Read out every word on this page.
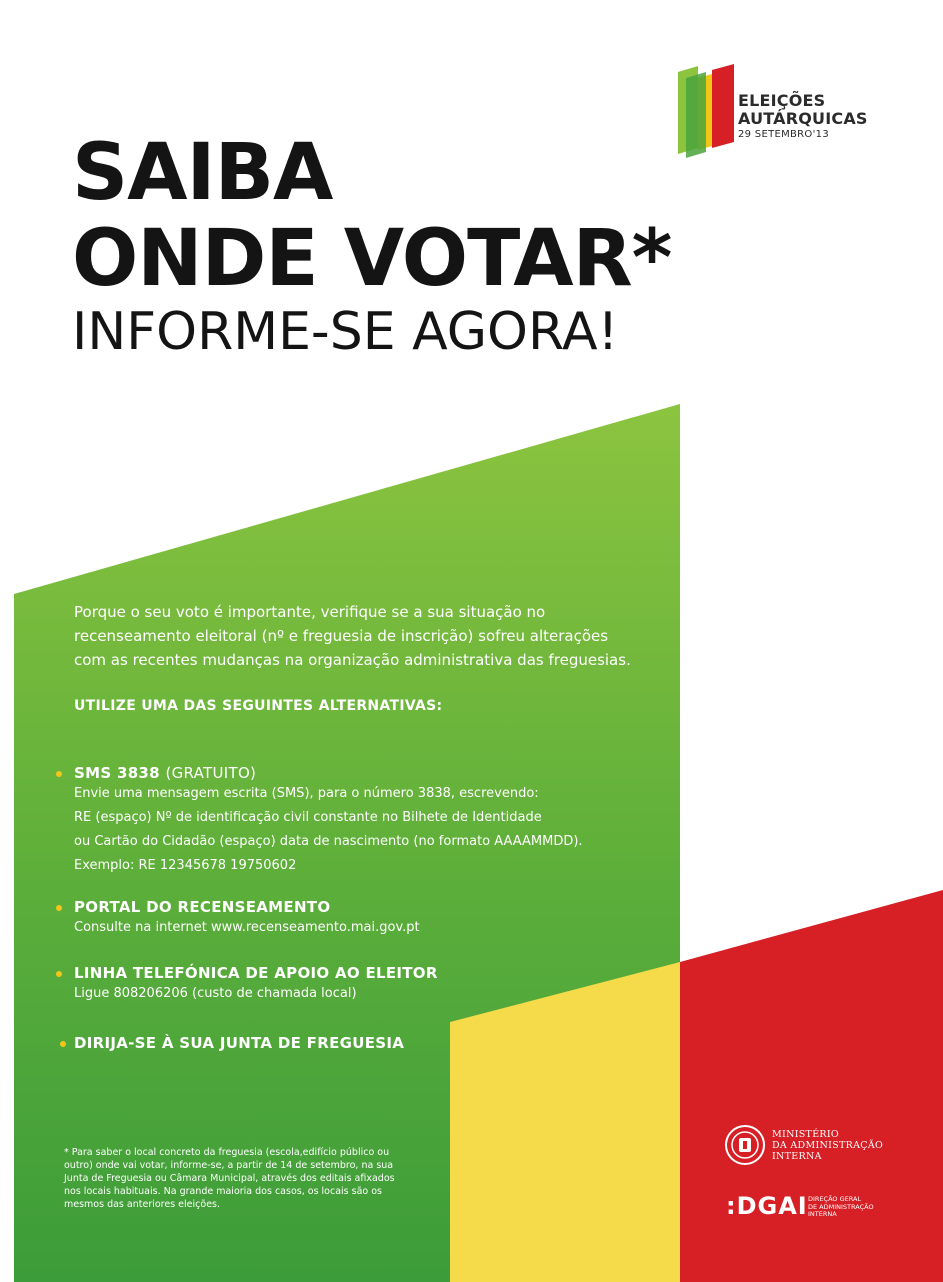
ELEIÇÕES
AUTÁRQUICAS
29 SETEMBRO'13
SAIBA
ONDE VOTAR*
INFORME-SE AGORA!

Porque o seu voto é importante, verifique se a sua situação no recenseamento eleitoral (nº e freguesia de inscrição) sofreu alterações com as recentes mudanças na organização administrativa das freguesias.

UTILIZE UMA DAS SEGUINTES ALTERNATIVAS:
SMS 3838 (GRATUITO)
Envie uma mensagem escrita (SMS), para o número 3838, escrevendo:
RE (espaço) Nº de identificação civil constante no Bilhete de Identidade
ou Cartão do Cidadão (espaço) data de nascimento (no formato AAAAMMDD).
Exemplo: RE 12345678 19750602
PORTAL DO RECENSEAMENTO
Consulte na internet www.recenseamento.mai.gov.pt
LINHA TELEFÓNICA DE APOIO AO ELEITOR
Ligue 808206206 (custo de chamada local)
DIRIJA-SE À SUA JUNTA DE FREGUESIA
* Para saber o local concreto da freguesia (escola,edifício público ou outro) onde vai votar, informe-se, a partir de 14 de setembro, na sua Junta de Freguesia ou Câmara Municipal, através dos editais afixados nos locais habituais. Na grande maioria dos casos, os locais são os mesmos das anteriores eleições.
MINISTÉRIO
DA ADMINISTRAÇÃO
INTERNA
:DGAI DIREÇÃO GERAL
DE ADMINISTRAÇÃO
INTERNA
